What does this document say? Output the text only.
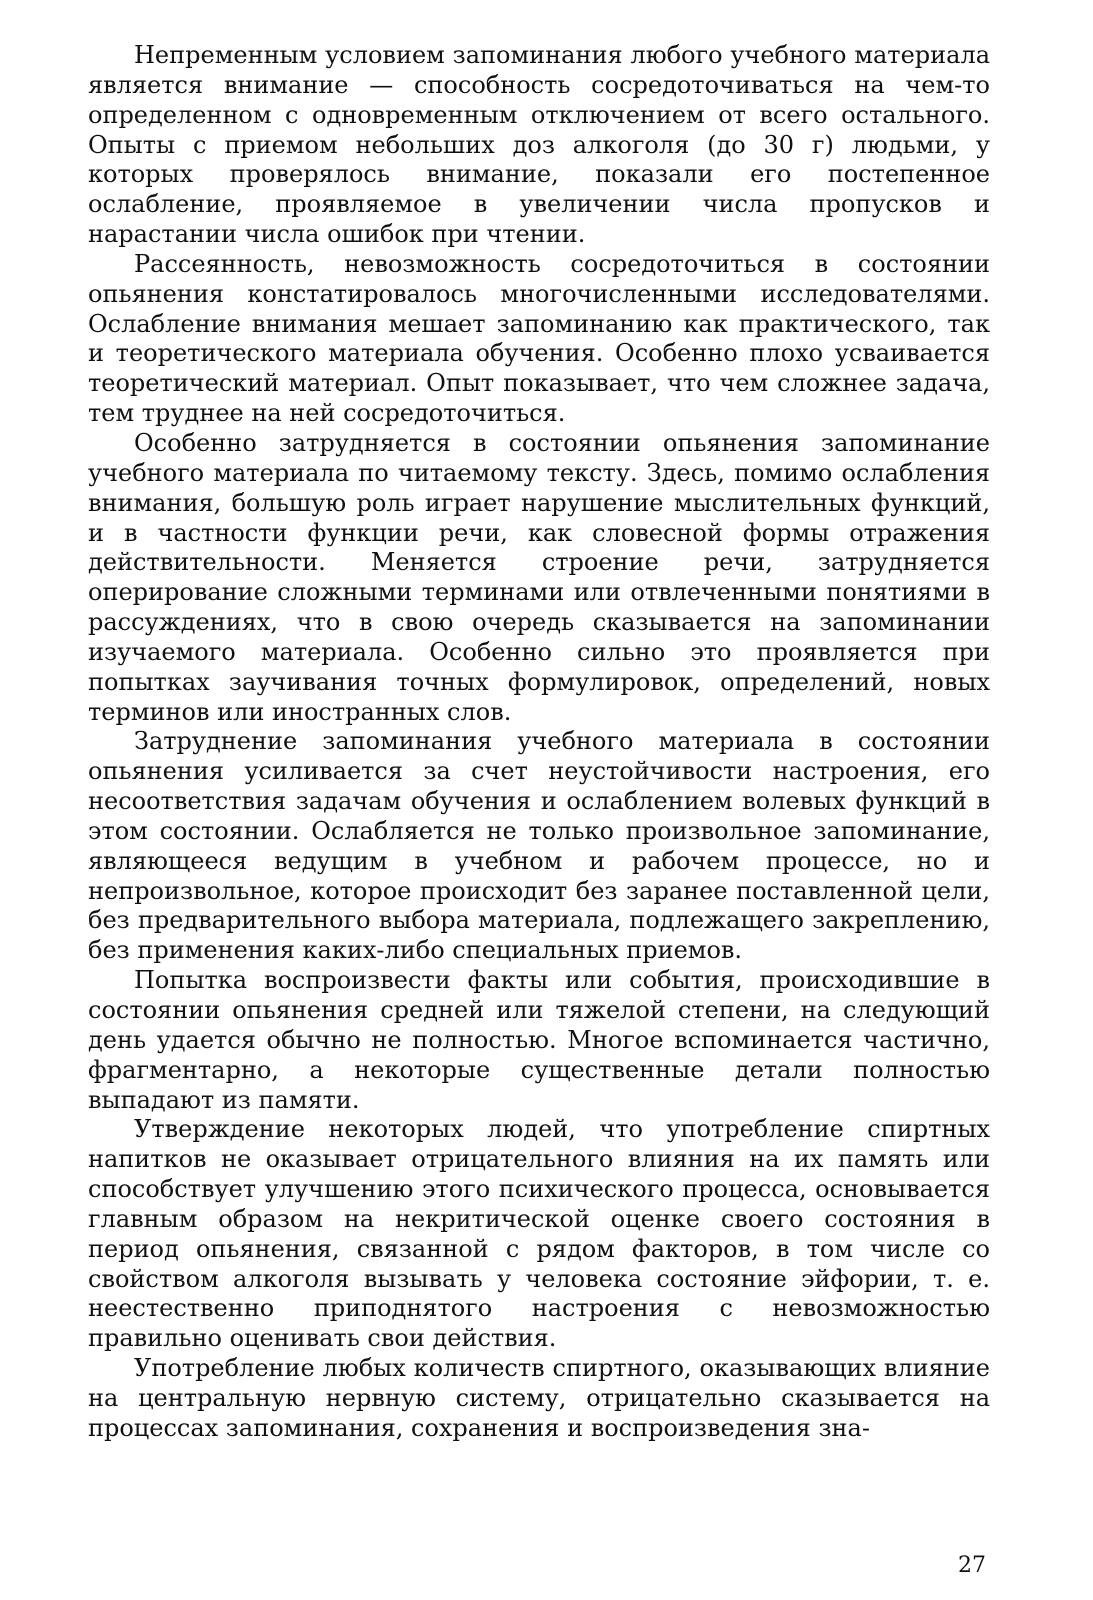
Непременным условием запоминания любого учебного материала является внимание — способность сосредоточиваться на чем-то определенном с одновременным отключением от всего остального. Опыты с приемом небольших доз алкоголя (до 30 г) людьми, у которых проверялось внимание, показали его постепенное ослабление, проявляемое в увеличении числа пропусков и нарастании числа ошибок при чтении.

Рассеянность, невозможность сосредоточиться в состоянии опьянения констатировалось многочисленными исследователями. Ослабление внимания мешает запоминанию как практического, так и теоретического материала обучения. Особенно плохо усваивается теоретический материал. Опыт показывает, что чем сложнее задача, тем труднее на ней сосредоточиться.

Особенно затрудняется в состоянии опьянения запоминание учебного материала по читаемому тексту. Здесь, помимо ослабления внимания, большую роль играет нарушение мыслительных функций, и в частности функции речи, как словесной формы отражения действительности. Меняется строение речи, затрудняется оперирование сложными терминами или отвлеченными понятиями в рассуждениях, что в свою очередь сказывается на запоминании изучаемого материала. Особенно сильно это проявляется при попытках заучивания точных формулировок, определений, новых терминов или иностранных слов.

Затруднение запоминания учебного материала в состоянии опьянения усиливается за счет неустойчивости настроения, его несоответствия задачам обучения и ослаблением волевых функций в этом состоянии. Ослабляется не только произвольное запоминание, являющееся ведущим в учебном и рабочем процессе, но и непроизвольное, которое происходит без заранее поставленной цели, без предварительного выбора материала, подлежащего закреплению, без применения каких-либо специальных приемов.

Попытка воспроизвести факты или события, происходившие в состоянии опьянения средней или тяжелой степени, на следующий день удается обычно не полностью. Многое вспоминается частично, фрагментарно, а некоторые существенные детали полностью выпадают из памяти.

Утверждение некоторых людей, что употребление спиртных напитков не оказывает отрицательного влияния на их память или способствует улучшению этого психического процесса, основывается главным образом на некритической оценке своего состояния в период опьянения, связанной с рядом факторов, в том числе со свойством алкоголя вызывать у человека состояние эйфории, т. е. неестественно приподнятого настроения с невозможностью правильно оценивать свои действия.

Употребление любых количеств спиртного, оказывающих влияние на центральную нервную систему, отрицательно сказывается на процессах запоминания, сохранения и воспроизведения зна-

27
